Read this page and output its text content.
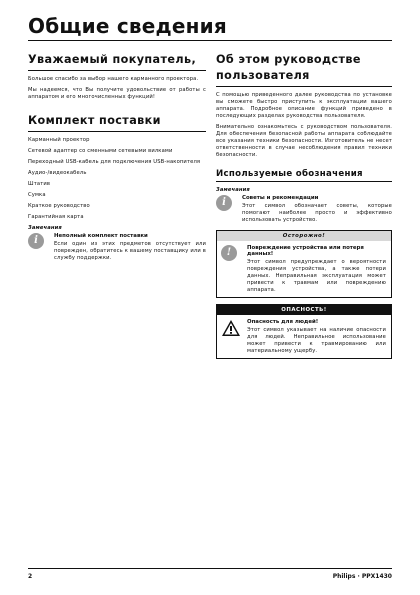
Общие сведения
Уважаемый покупатель,

Большое спасибо за выбор нашего карманного проектора.

Мы надеемся, что Вы получите удовольствие от работы с аппаратом и его многочисленных функций!

Комплект поставки
Карманный проектор
Сетевой адаптер со сменными сетевыми вилками
Переходный USB-кабель для подключения USB-накопителя
Аудио-/видеокабель
Штатив
Сумка
Краткое руководство
Гарантийная карта
Замечания
i	Неполный комплект поставки

Если один из этих предметов отсутствует или поврежден, обратитесь к вашему поставщику или в службу поддержки.

Об этом руководстве пользователя

С помощью приведенного далее руководства по установке вы сможете быстро приступить к эксплуатации вашего аппарата. Подробное описание функций приведено в последующих разделах руководства пользователя.

Внимательно ознакомьтесь с руководством пользователя. Для обеспечения безопасной работы аппарата соблюдайте все указания техники безопасности. Изготовитель не несет ответственности в случае несоблюдения правил техники безопасности.

Используемые обозначения
Замечания
i	Советы и рекомендации

Этот символ обозначает советы, которые помогают наиболее просто и эффективно использовать устройство.

Осторожно!
!	Повреждение устройства или потеря данных!

Этот символ предупреждает о вероятности повреждения устройства, а также потери данных. Неправильная эксплуатация может привести к травмам или повреждению аппарата.

ОПАСНОСТЬ!
Опасность для людей!

Этот символ указывает на наличие опасности для людей. Неправильное использование может привести к травмированию или материальному ущербу.

2	Philips · PPX1430
